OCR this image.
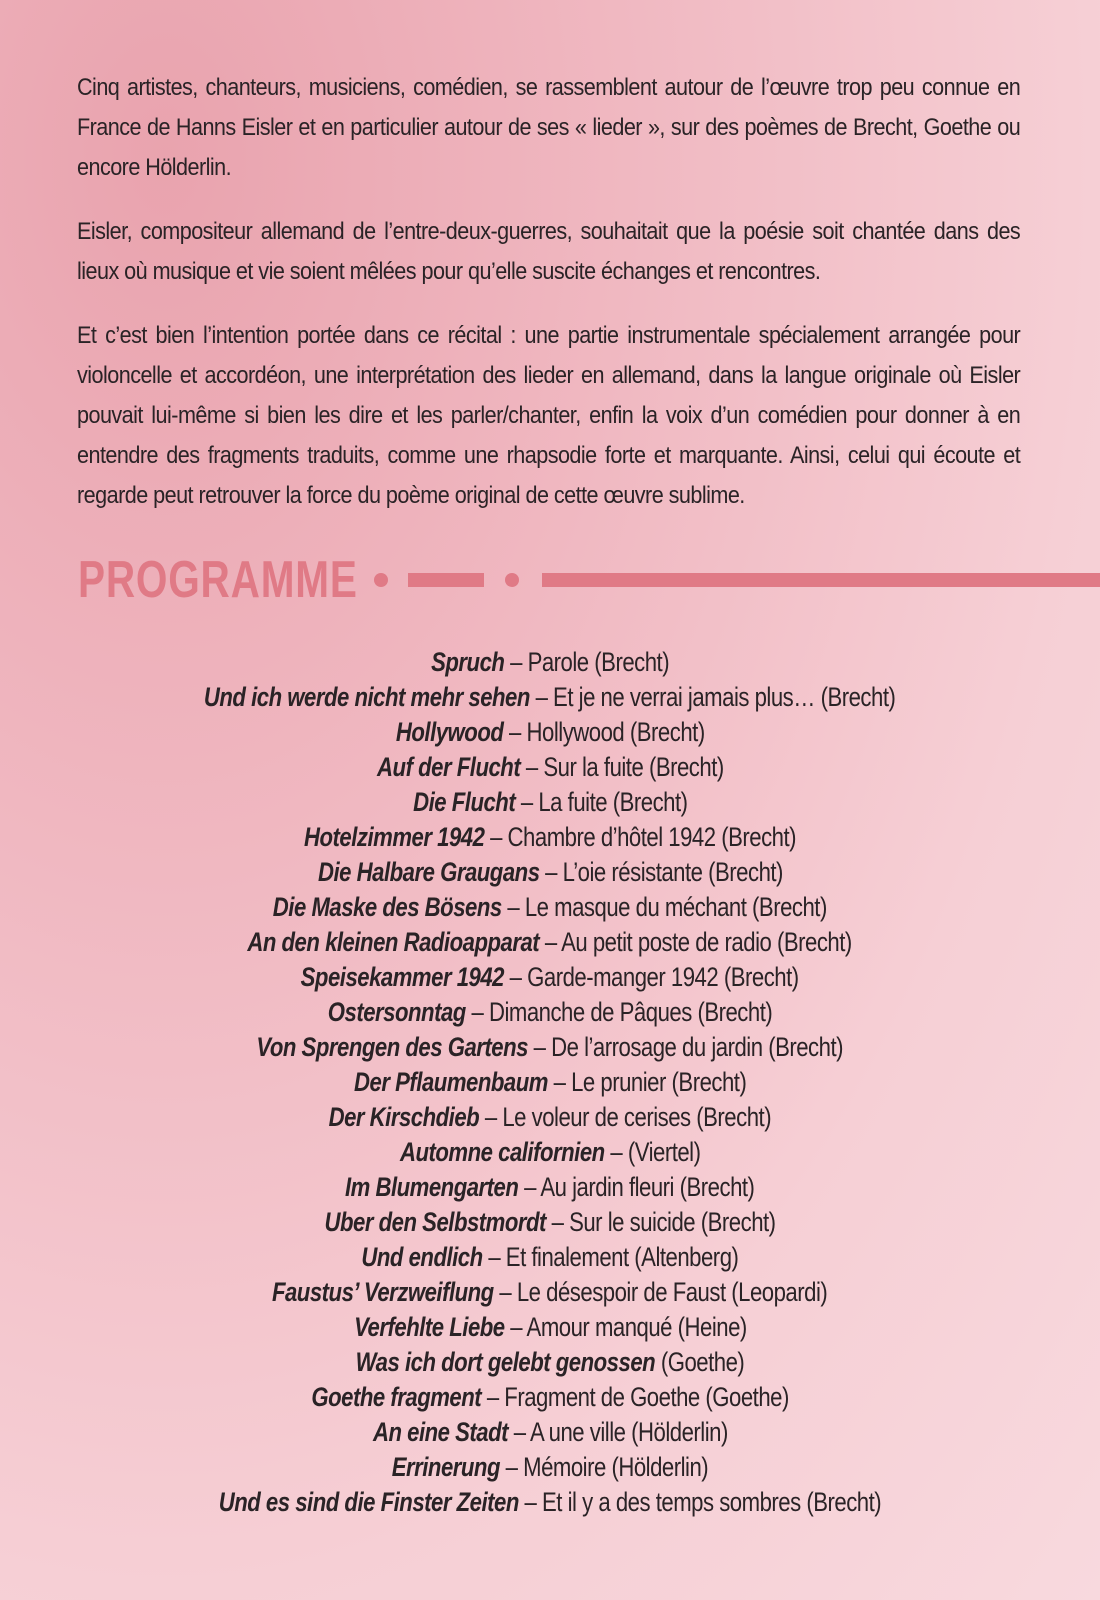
Cinq artistes, chanteurs, musiciens, comédien, se rassemblent autour de l’œuvre trop peu connue en France de Hanns Eisler et en particulier autour de ses « lieder », sur des poèmes de Brecht, Goethe ou encore Hölderlin.

Eisler, compositeur allemand de l’entre-deux-guerres, souhaitait que la poésie soit chantée dans des lieux où musique et vie soient mêlées pour qu’elle suscite échanges et rencontres.

Et c’est bien l’intention portée dans ce récital : une partie instrumentale spécialement arrangée pour violoncelle et accordéon, une interprétation des lieder en allemand, dans la langue originale où Eisler pouvait lui-même si bien les dire et les parler/chanter, enfin la voix d’un comédien pour donner à en entendre des fragments traduits, comme une rhapsodie forte et marquante. Ainsi, celui qui écoute et regarde peut retrouver la force du poème original de cette œuvre sublime.

PROGRAMME
Spruch – Parole (Brecht)
Und ich werde nicht mehr sehen – Et je ne verrai jamais plus… (Brecht)
Hollywood – Hollywood (Brecht)
Auf der Flucht – Sur la fuite (Brecht)
Die Flucht – La fuite (Brecht)
Hotelzimmer 1942 – Chambre d’hôtel 1942 (Brecht)
Die Halbare Graugans – L’oie résistante (Brecht)
Die Maske des Bösens – Le masque du méchant (Brecht)
An den kleinen Radioapparat – Au petit poste de radio (Brecht)
Speisekammer 1942 – Garde-manger 1942 (Brecht)
Ostersonntag – Dimanche de Pâques (Brecht)
Von Sprengen des Gartens – De l’arrosage du jardin (Brecht)
Der Pflaumenbaum – Le prunier (Brecht)
Der Kirschdieb – Le voleur de cerises (Brecht)
Automne californien – (Viertel)
Im Blumengarten – Au jardin fleuri (Brecht)
Uber den Selbstmordt – Sur le suicide (Brecht)
Und endlich – Et finalement (Altenberg)
Faustus’ Verzweiflung – Le désespoir de Faust (Leopardi)
Verfehlte Liebe – Amour manqué (Heine)
Was ich dort gelebt genossen (Goethe)
Goethe fragment – Fragment de Goethe (Goethe)
An eine Stadt – A une ville (Hölderlin)
Errinerung – Mémoire (Hölderlin)
Und es sind die Finster Zeiten – Et il y a des temps sombres (Brecht)
